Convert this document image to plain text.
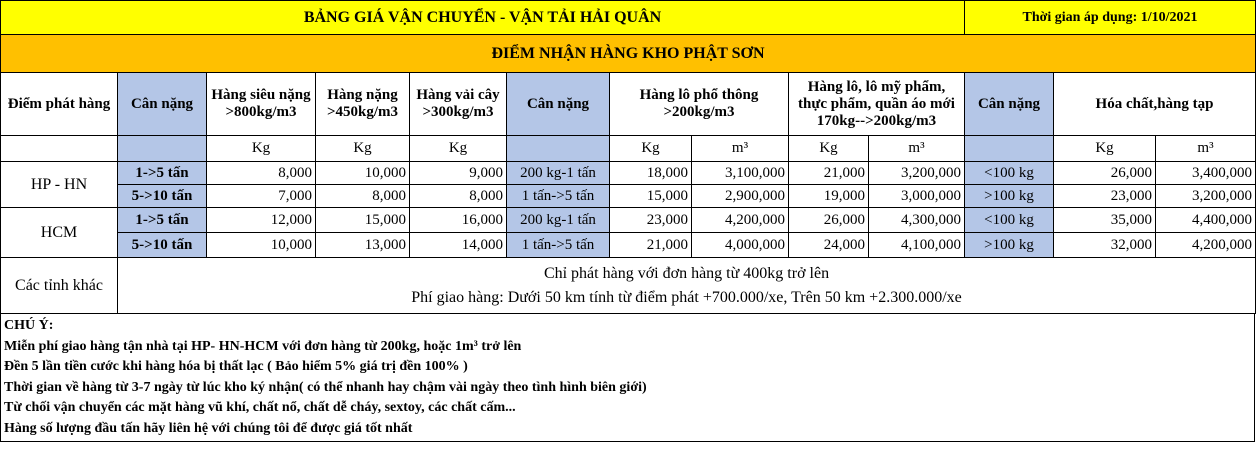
BẢNG GIÁ VẬN CHUYỂN - VẬN TẢI HẢI QUÂN										Thời gian áp dụng: 1/10/2021		
ĐIỂM NHẬN HÀNG KHO PHẬT SƠN												
Điểm phát hàng	Cân nặng	Hàng siêu nặng >800kg/m3	Hàng nặng >450kg/m3	Hàng vải cây >300kg/m3	Cân nặng	Hàng lô phổ thông >200kg/m3		Hàng lô, lô mỹ phẩm, thực phẩm, quần áo mới 170kg-->200kg/m3		Cân nặng	Hóa chất,hàng tạp	
		Kg	Kg	Kg		Kg	m³	Kg	m³		Kg	m³
HP - HN	1->5 tấn	8,000	10,000	9,000	200 kg-1 tấn	18,000	3,100,000	21,000	3,200,000	<100 kg	26,000	3,400,000
	5->10 tấn	7,000	8,000	8,000	1 tấn->5 tấn	15,000	2,900,000	19,000	3,000,000	>100 kg	23,000	3,200,000
HCM	1->5 tấn	12,000	15,000	16,000	200 kg-1 tấn	23,000	4,200,000	26,000	4,300,000	<100 kg	35,000	4,400,000
	5->10 tấn	10,000	13,000	14,000	1 tấn->5 tấn	21,000	4,000,000	24,000	4,100,000	>100 kg	32,000	4,200,000
Các tỉnh khác	Chỉ phát hàng với đơn hàng từ 400kg trở lên
Phí giao hàng: Dưới 50 km tính từ điểm phát +700.000/xe, Trên 50 km +2.300.000/xe											
CHÚ Ý:
Miễn phí giao hàng tận nhà tại HP- HN-HCM với đơn hàng từ 200kg, hoặc 1m³ trở lên
Đền 5 lần tiền cước khi hàng hóa bị thất lạc ( Bảo hiểm 5% giá trị đền 100% )
Thời gian về hàng từ 3-7 ngày từ lúc kho ký nhận( có thể nhanh hay chậm vài ngày theo tình hình biên giới)
Từ chối vận chuyển các mặt hàng vũ khí, chất nổ, chất dễ cháy, sextoy, các chất cấm...
Hàng số lượng đầu tấn hãy liên hệ với chúng tôi để được giá tốt nhất
